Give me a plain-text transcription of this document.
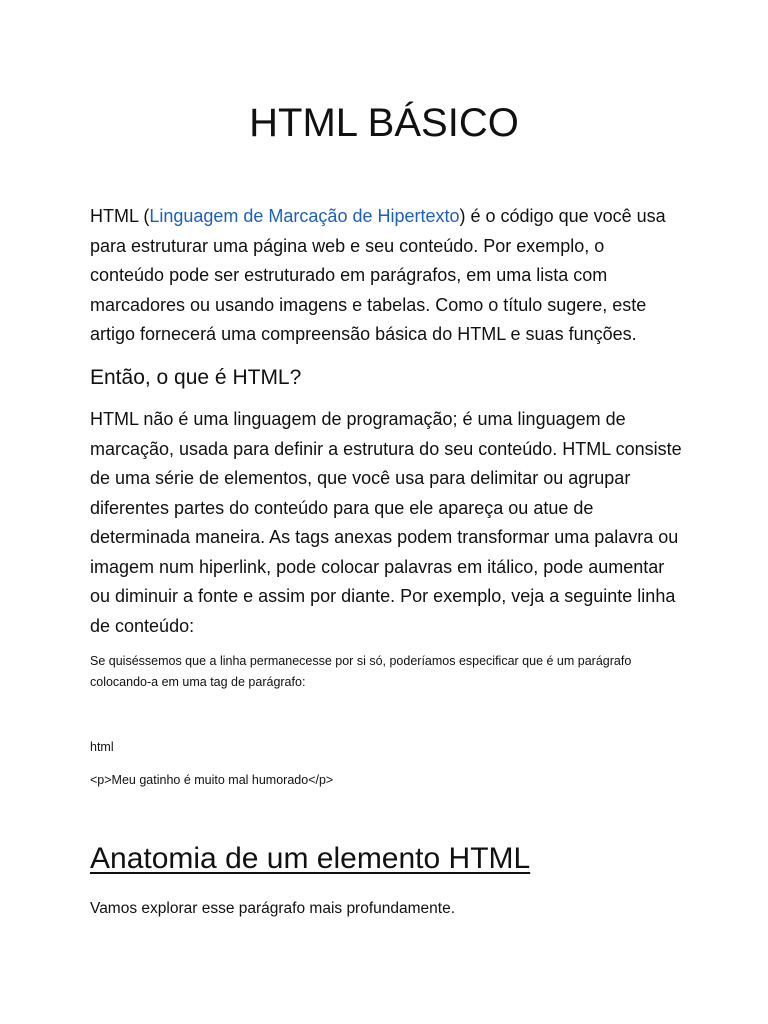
HTML BÁSICO

HTML (Linguagem de Marcação de Hipertexto) é o código que você usa para estruturar uma página web e seu conteúdo. Por exemplo, o conteúdo pode ser estruturado em parágrafos, em uma lista com marcadores ou usando imagens e tabelas. Como o título sugere, este artigo fornecerá uma compreensão básica do HTML e suas funções.

Então, o que é HTML?

HTML não é uma linguagem de programação; é uma linguagem de marcação, usada para definir a estrutura do seu conteúdo. HTML consiste de uma série de elementos, que você usa para delimitar ou agrupar diferentes partes do conteúdo para que ele apareça ou atue de determinada maneira. As tags anexas podem transformar uma palavra ou imagem num hiperlink, pode colocar palavras em itálico, pode aumentar ou diminuir a fonte e assim por diante. Por exemplo, veja a seguinte linha de conteúdo:

Se quiséssemos que a linha permanecesse por si só, poderíamos especificar que é um parágrafo colocando-a em uma tag de parágrafo:

html

<p>Meu gatinho é muito mal humorado</p>

Anatomia de um elemento HTML

Vamos explorar esse parágrafo mais profundamente.
